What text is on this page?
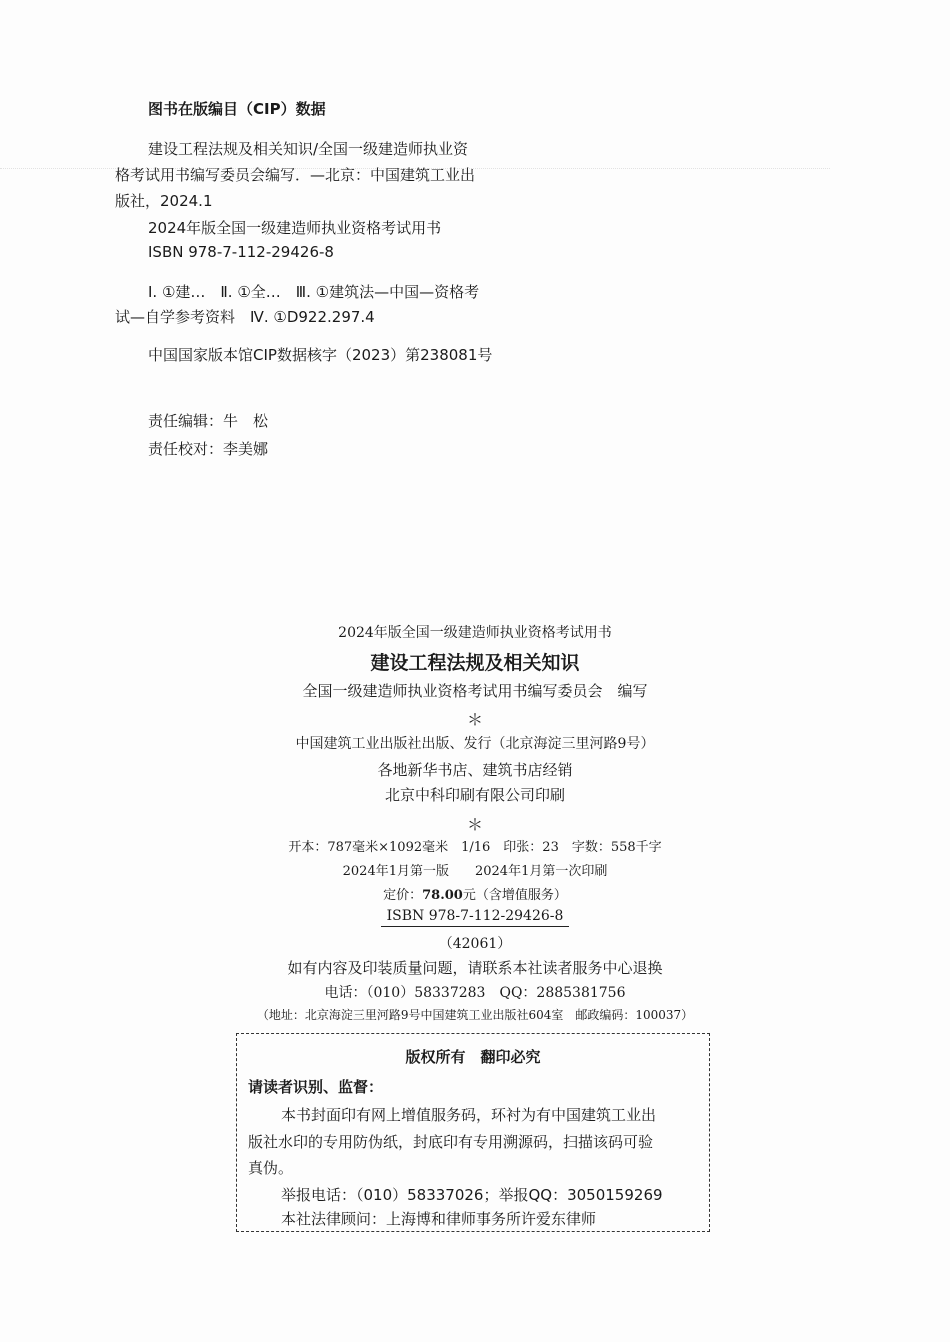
图书在版编目（CIP）数据
建设工程法规及相关知识/全国一级建造师执业资
格考试用书编写委员会编写．—北京：中国建筑工业出
版社，2024.1
2024年版全国一级建造师执业资格考试用书
ISBN 978-7-112-29426-8
Ⅰ. ①建…　Ⅱ. ①全…　Ⅲ. ①建筑法—中国—资格考
试—自学参考资料　Ⅳ. ①D922.297.4
中国国家版本馆CIP数据核字（2023）第238081号
责任编辑：牛　松
责任校对：李美娜
2024年版全国一级建造师执业资格考试用书
建设工程法规及相关知识
全国一级建造师执业资格考试用书编写委员会　编写
＊
中国建筑工业出版社出版、发行（北京海淀三里河路9号）
各地新华书店、建筑书店经销
北京中科印刷有限公司印刷
＊
开本：787毫米×1092毫米　1/16　印张：23　字数：558千字
2024年1月第一版　　2024年1月第一次印刷
定价：78.00元（含增值服务）
ISBN 978-7-112-29426-8
（42061）
如有内容及印装质量问题，请联系本社读者服务中心退换
电话：（010）58337283　QQ：2885381756
（地址：北京海淀三里河路9号中国建筑工业出版社604室　邮政编码：100037）
版权所有　翻印必究
请读者识别、监督：
本书封面印有网上增值服务码，环衬为有中国建筑工业出
版社水印的专用防伪纸，封底印有专用溯源码，扫描该码可验
真伪。
举报电话：（010）58337026；举报QQ：3050159269
本社法律顾问：上海博和律师事务所许爱东律师
